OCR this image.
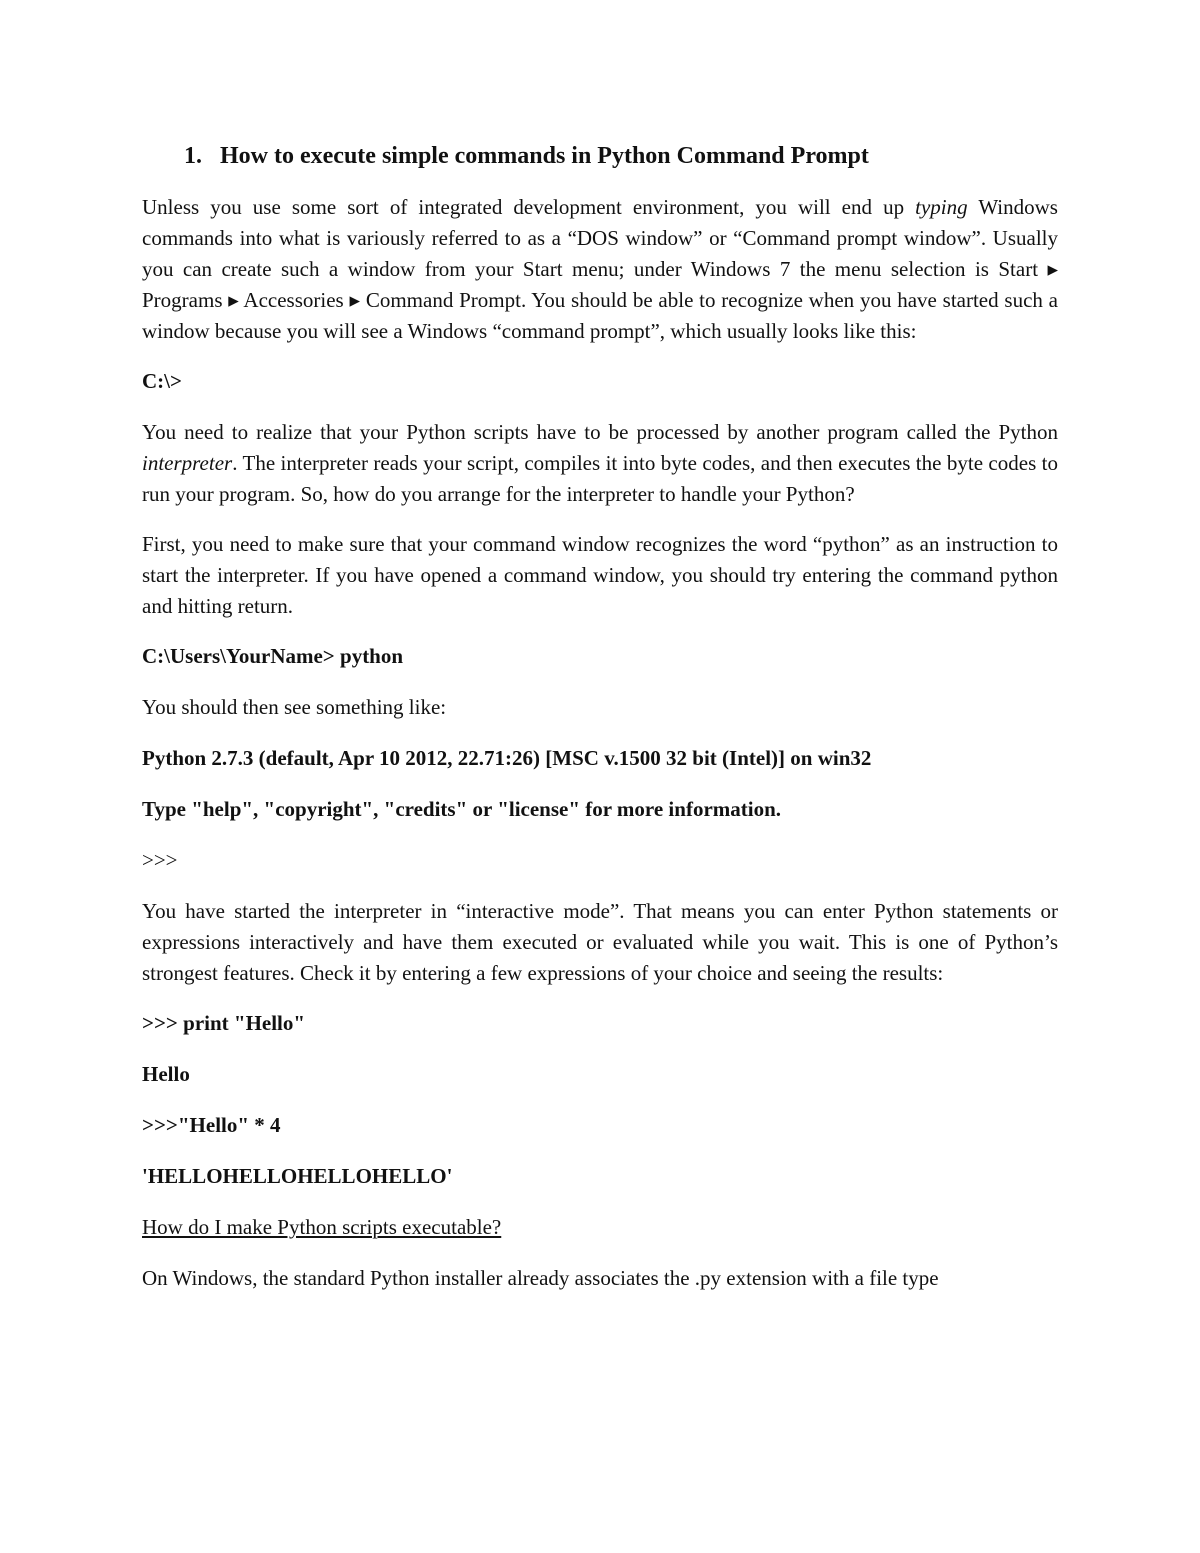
1. How to execute simple commands in Python Command Prompt

Unless you use some sort of integrated development environment, you will end up typing Windows commands into what is variously referred to as a “DOS window” or “Command prompt window”. Usually you can create such a window from your Start menu; under Windows 7 the menu selection is Start ▸ Programs ▸ Accessories ▸ Command Prompt. You should be able to recognize when you have started such a window because you will see a Windows “command prompt”, which usually looks like this:

C:\>

You need to realize that your Python scripts have to be processed by another program called the Python interpreter. The interpreter reads your script, compiles it into byte codes, and then executes the byte codes to run your program. So, how do you arrange for the interpreter to handle your Python?

First, you need to make sure that your command window recognizes the word “python” as an instruction to start the interpreter. If you have opened a command window, you should try entering the command python and hitting return.

C:\Users\YourName> python
You should then see something like:
Python 2.7.3 (default, Apr 10 2012, 22.71:26) [MSC v.1500 32 bit (Intel)] on win32
Type "help", "copyright", "credits" or "license" for more information.
>>>

You have started the interpreter in “interactive mode”. That means you can enter Python statements or expressions interactively and have them executed or evaluated while you wait. This is one of Python’s strongest features. Check it by entering a few expressions of your choice and seeing the results:

>>> print "Hello"
Hello
>>>"Hello" * 4
'HELLOHELLOHELLOHELLO'
How do I make Python scripts executable?

On Windows, the standard Python installer already associates the .py extension with a file type
